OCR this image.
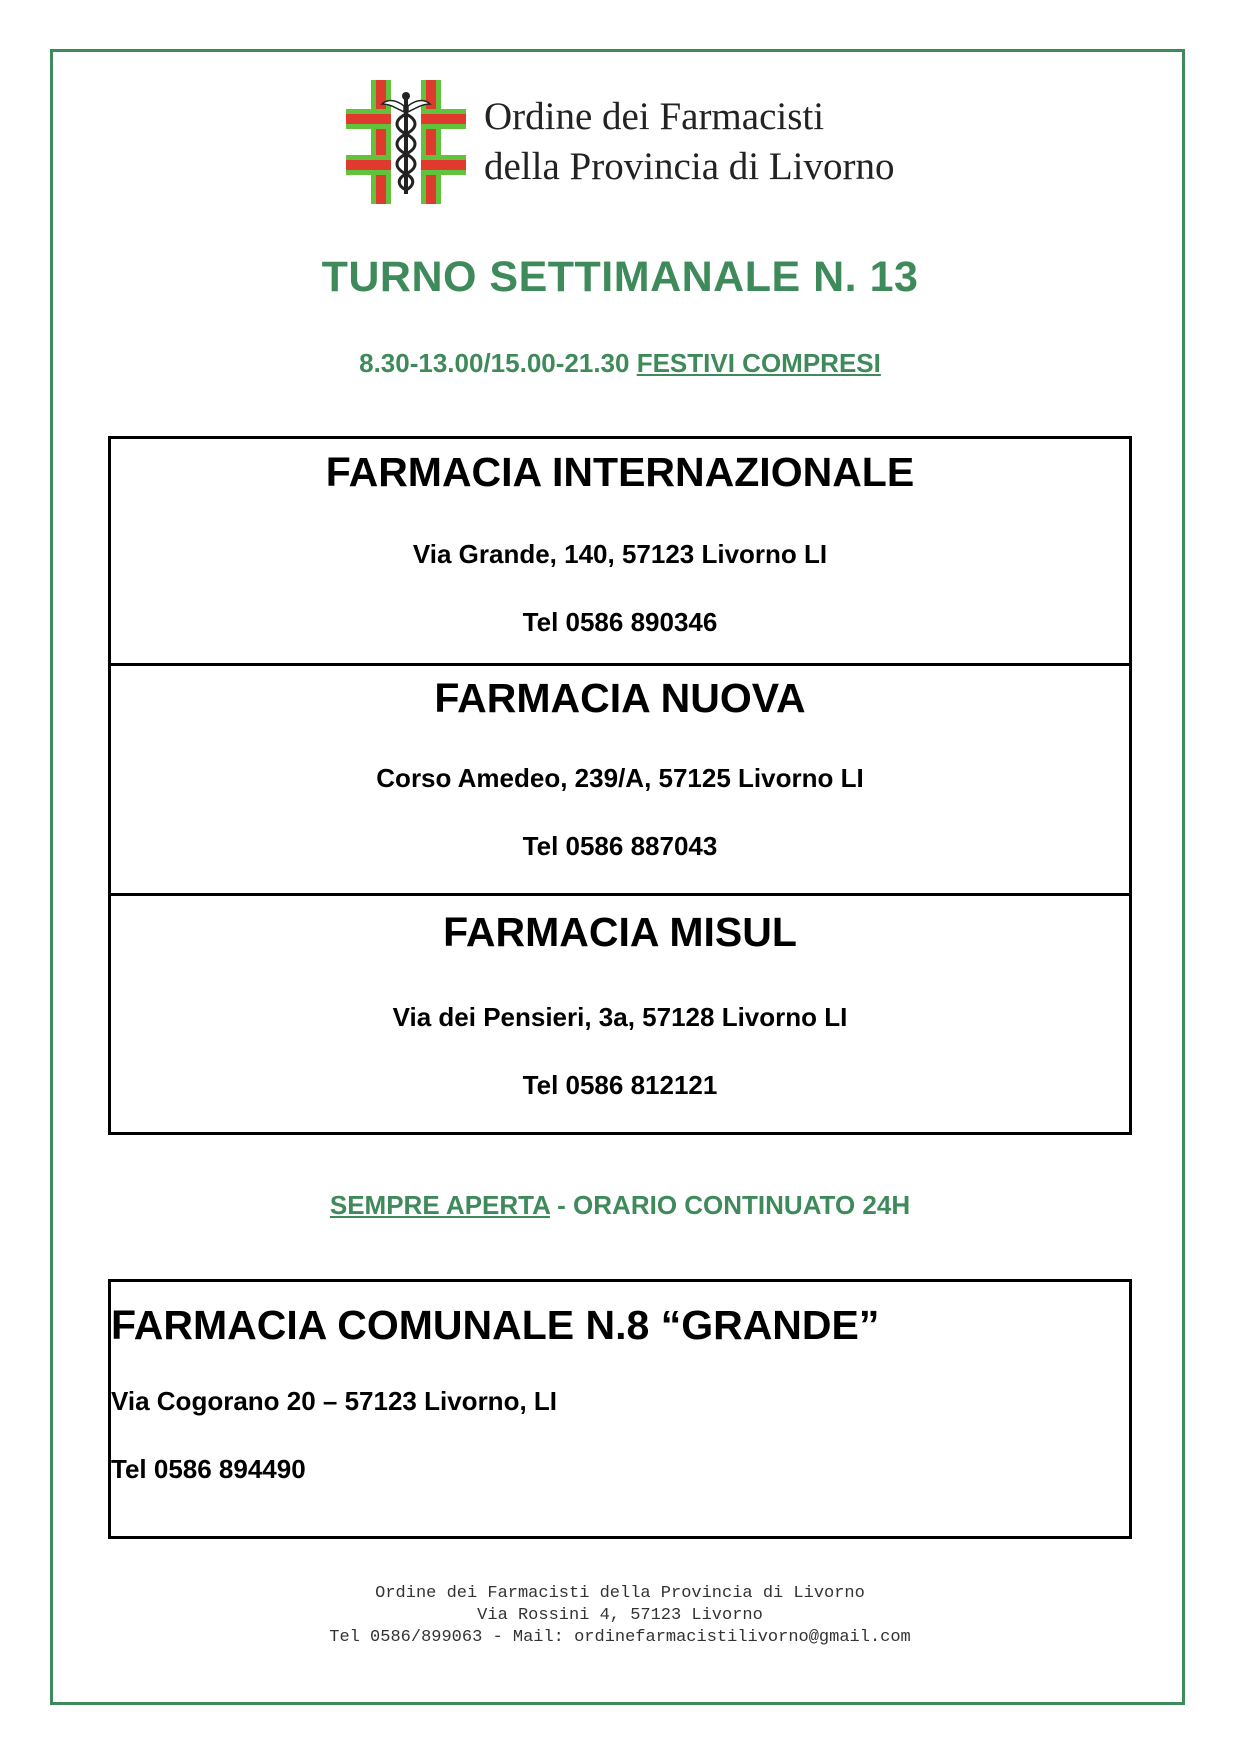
Ordine dei Farmacisti
della Provincia di Livorno
TURNO SETTIMANALE N. 13
8.30-13.00/15.00-21.30 FESTIVI COMPRESI
FARMACIA INTERNAZIONALE
Via Grande, 140, 57123 Livorno LI
Tel 0586 890346
FARMACIA NUOVA
Corso Amedeo, 239/A, 57125 Livorno LI
Tel 0586 887043
FARMACIA MISUL
Via dei Pensieri, 3a, 57128 Livorno LI
Tel 0586 812121
SEMPRE APERTA - ORARIO CONTINUATO 24H
FARMACIA COMUNALE N.8 “GRANDE”
Via Cogorano 20 – 57123 Livorno, LI
Tel 0586 894490
Ordine dei Farmacisti della Provincia di Livorno
Via Rossini 4, 57123 Livorno
Tel 0586/899063 - Mail: ordinefarmacistilivorno@gmail.com
